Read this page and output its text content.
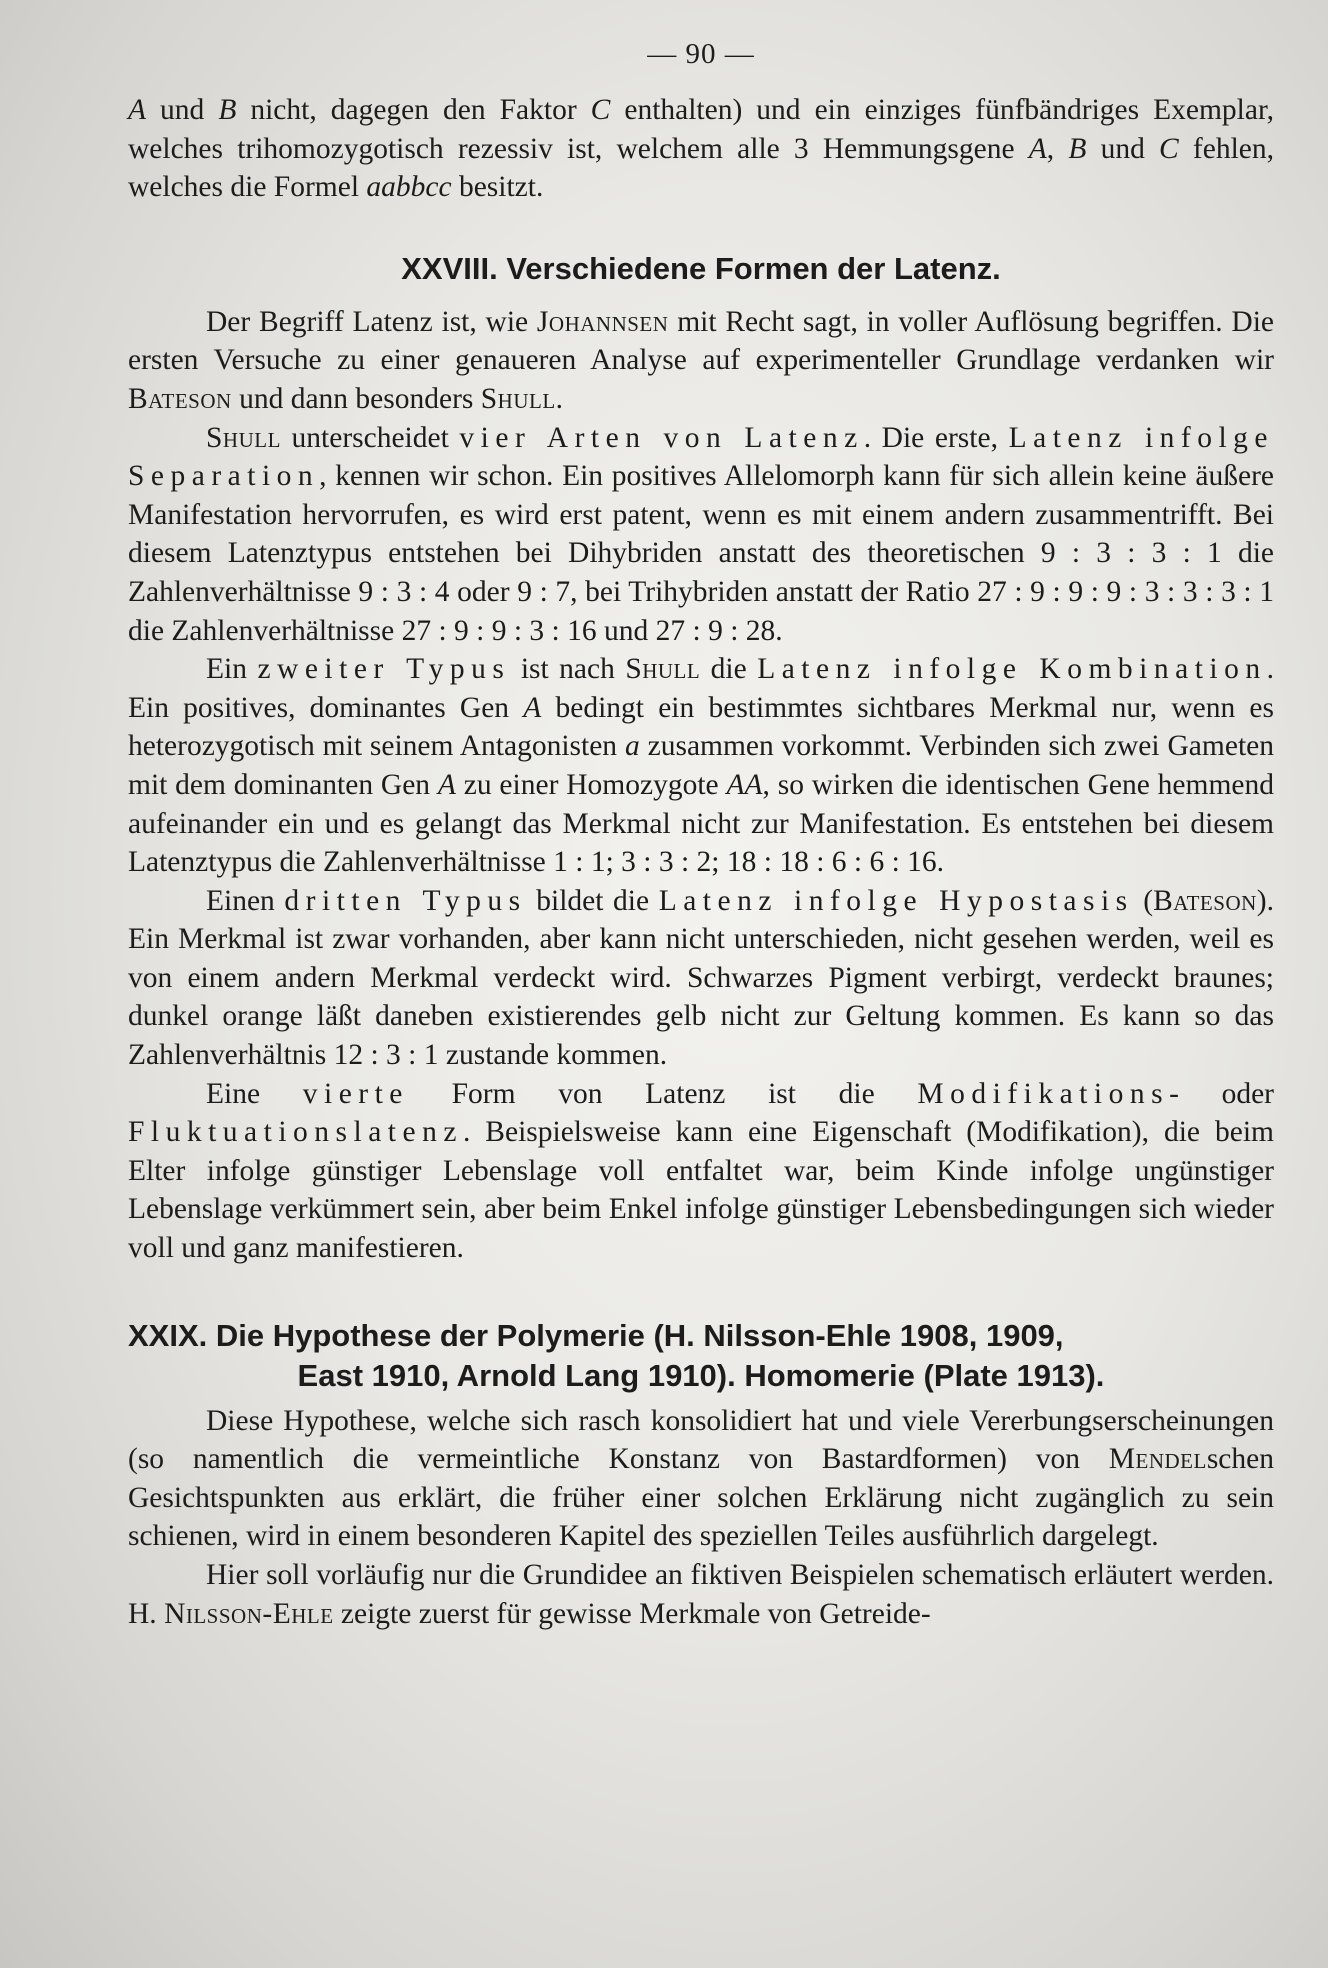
— 90 —

A und B nicht, dagegen den Faktor C enthalten) und ein einziges fünfbändriges Exemplar, welches trihomozygotisch rezessiv ist, welchem alle 3 Hemmungsgene A, B und C fehlen, welches die Formel aabbcc besitzt.

XXVIII. Verschiedene Formen der Latenz.

Der Begriff Latenz ist, wie Johannsen mit Recht sagt, in voller Auflösung begriffen. Die ersten Versuche zu einer genaueren Analyse auf experimenteller Grundlage verdanken wir Bateson und dann besonders Shull.

Shull unterscheidet vier Arten von Latenz. Die erste, Latenz infolge Separation, kennen wir schon. Ein positives Allelomorph kann für sich allein keine äußere Manifestation hervorrufen, es wird erst patent, wenn es mit einem andern zusammentrifft. Bei diesem Latenztypus entstehen bei Dihybriden anstatt des theoretischen 9 : 3 : 3 : 1 die Zahlenverhältnisse 9 : 3 : 4 oder 9 : 7, bei Trihybriden anstatt der Ratio 27 : 9 : 9 : 9 : 3 : 3 : 3 : 1 die Zahlenverhältnisse 27 : 9 : 9 : 3 : 16 und 27 : 9 : 28.

Ein zweiter Typus ist nach Shull die Latenz infolge Kombination. Ein positives, dominantes Gen A bedingt ein bestimmtes sichtbares Merkmal nur, wenn es heterozygotisch mit seinem Antagonisten a zusammen vorkommt. Verbinden sich zwei Gameten mit dem dominanten Gen A zu einer Homozygote AA, so wirken die identischen Gene hemmend aufeinander ein und es gelangt das Merkmal nicht zur Manifestation. Es entstehen bei diesem Latenztypus die Zahlenverhältnisse 1 : 1; 3 : 3 : 2; 18 : 18 : 6 : 6 : 16.

Einen dritten Typus bildet die Latenz infolge Hypostasis (Bateson). Ein Merkmal ist zwar vorhanden, aber kann nicht unterschieden, nicht gesehen werden, weil es von einem andern Merkmal verdeckt wird. Schwarzes Pigment verbirgt, verdeckt braunes; dunkel orange läßt daneben existierendes gelb nicht zur Geltung kommen. Es kann so das Zahlenverhältnis 12 : 3 : 1 zustande kommen.

Eine vierte Form von Latenz ist die Modifikations- oder Fluktuationslatenz. Beispielsweise kann eine Eigenschaft (Modifikation), die beim Elter infolge günstiger Lebenslage voll entfaltet war, beim Kinde infolge ungünstiger Lebenslage verkümmert sein, aber beim Enkel infolge günstiger Lebensbedingungen sich wieder voll und ganz manifestieren.

XXIX. Die Hypothese der Polymerie (H. Nilsson-Ehle 1908, 1909,
East 1910, Arnold Lang 1910). Homomerie (Plate 1913).

Diese Hypothese, welche sich rasch konsolidiert hat und viele Vererbungserscheinungen (so namentlich die vermeintliche Konstanz von Bastardformen) von Mendelschen Gesichtspunkten aus erklärt, die früher einer solchen Erklärung nicht zugänglich zu sein schienen, wird in einem besonderen Kapitel des speziellen Teiles ausführlich dargelegt.

Hier soll vorläufig nur die Grundidee an fiktiven Beispielen schematisch erläutert werden. H. Nilsson-Ehle zeigte zuerst für gewisse Merkmale von Getreide-
